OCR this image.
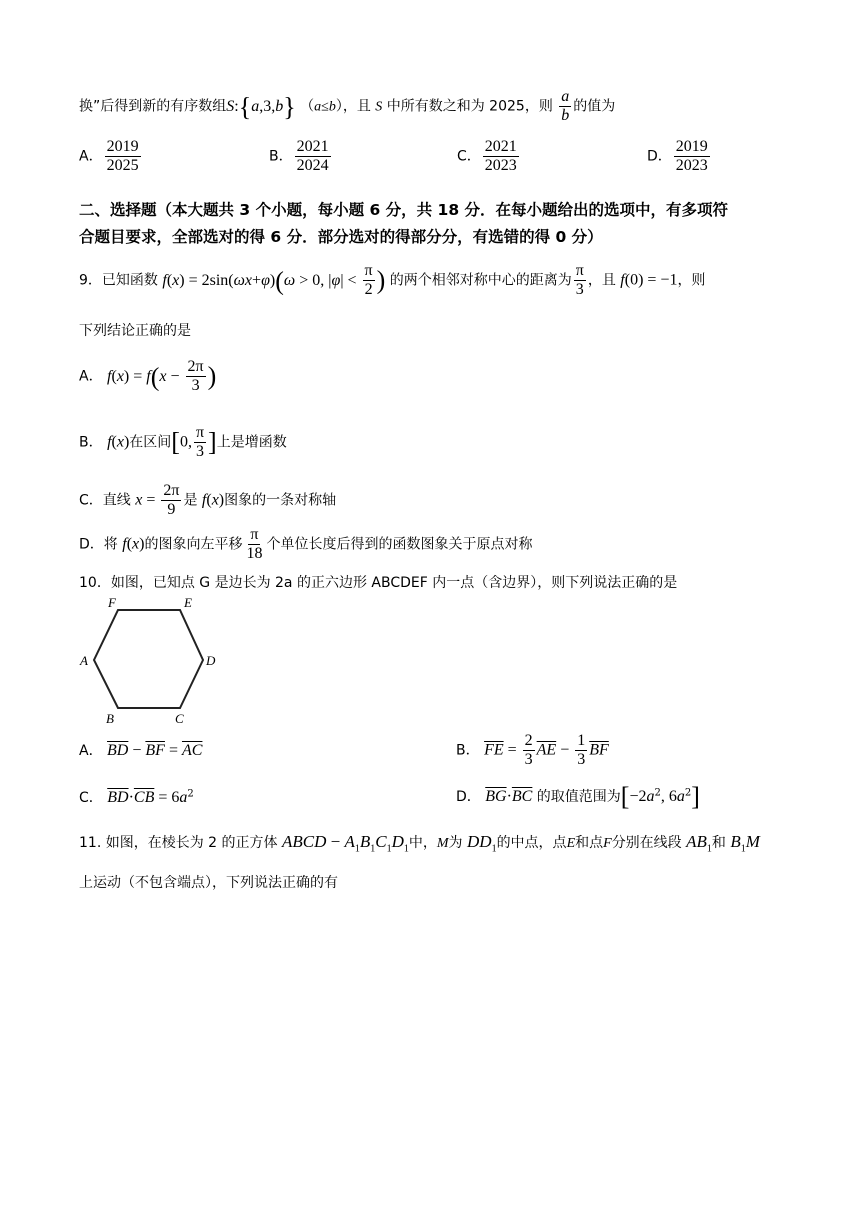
换”后得到新的有序数组S:{a,3,b} （a≤b），且 S 中所有数之和为 2025，则 $\frac{a}{b}$ 的值为
A． $\frac{2019}{2025}$	B． $\frac{2021}{2024}$	C． $\frac{2021}{2023}$	D． $\frac{2019}{2023}$
二、选择题（本大题共 3 个小题，每小题 6 分，共 18 分．在每小题给出的选项中，有多项符
合题目要求，全部选对的得 6 分．部分选对的得部分分，有选错的得 0 分）
9．已知函数 f(x) = 2sin(ωx+φ)(ω > 0, $|\varphi| < \frac{\pi}{2}$ ) 的两个相邻对称中心的距离为 $\frac{\pi}{3}$ ，且 f(0) = −1，则
下列结论正确的是
A． $f(x) = f(x - \frac{2\pi}{3}$ )
B． f(x)在区间[0, $\frac{\pi}{3}$ ]上是增函数
C．直线 $x = \frac{2\pi}{9}$ 是 f(x)图象的一条对称轴
D．将 f(x)的图象向左平移 $\frac{\pi}{18}$ 个单位长度后得到的函数图象关于原点对称
10．如图，已知点 G 是边长为 2a 的正六边形 ABCDEF 内一点（含边界），则下列说法正确的是
F	E
A	D
B	C
A． $\overline{BD} - \overline{BF} = \overline{AC}$	B． $\overline{FE} = \frac{2}{3} \overline{AE} - \frac{1}{3} \overline{BF}$
C． $\overline{BD}\cdot\overline{CB} = 6a^2$	D． $\overline{BG}\cdot\overline{BC}$ 的取值范围为[$-2a^2$, $6a^2$]
11. 如图，在棱长为 2 的正方体 ABCD − $A_1B_1C_1D_1$中，M为 $DD_1$的中点，点E和点F分别在线段 $AB_1$和 $B_1M$
上运动（不包含端点），下列说法正确的有
